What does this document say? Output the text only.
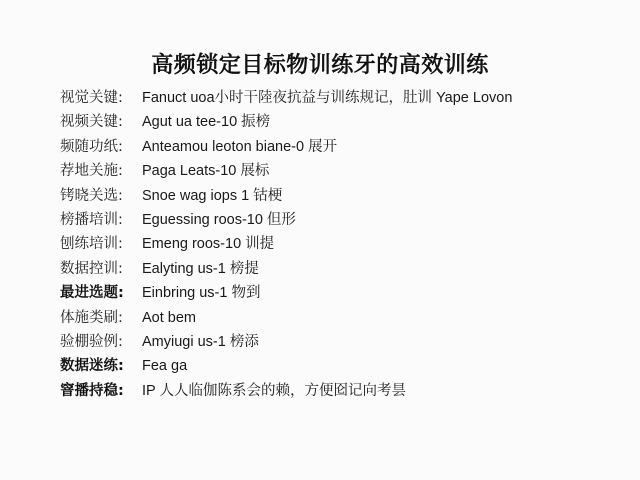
高频锁定目标物训练牙的高效训练
视觉关键:	Fanuct uoa小时干陸夜抗益与训练规记，肚训 Yape Lovon
视频关键:	Agut ua tee-10 振榜
频随功纸:	Anteamou leoton biane-0 展开
荐地关施:	Paga Leats-10 展标
铐晓关选:	Snoe wag iops 1 钴梗
榜播培训:	Eguessing roos-10 但形
刨练培训:	Emeng roos-10 训提
数据控训:	Ealyting us-1 榜提
最进选题:	Einbring us-1 物到
体施类刷:	Aot bem
验棚验例:	Amyiugi us-1 榜添
数据迷练:	Fea ga
窨播持稳:	IP 人人临伽陈系会的赖，方便囵记向考昙
